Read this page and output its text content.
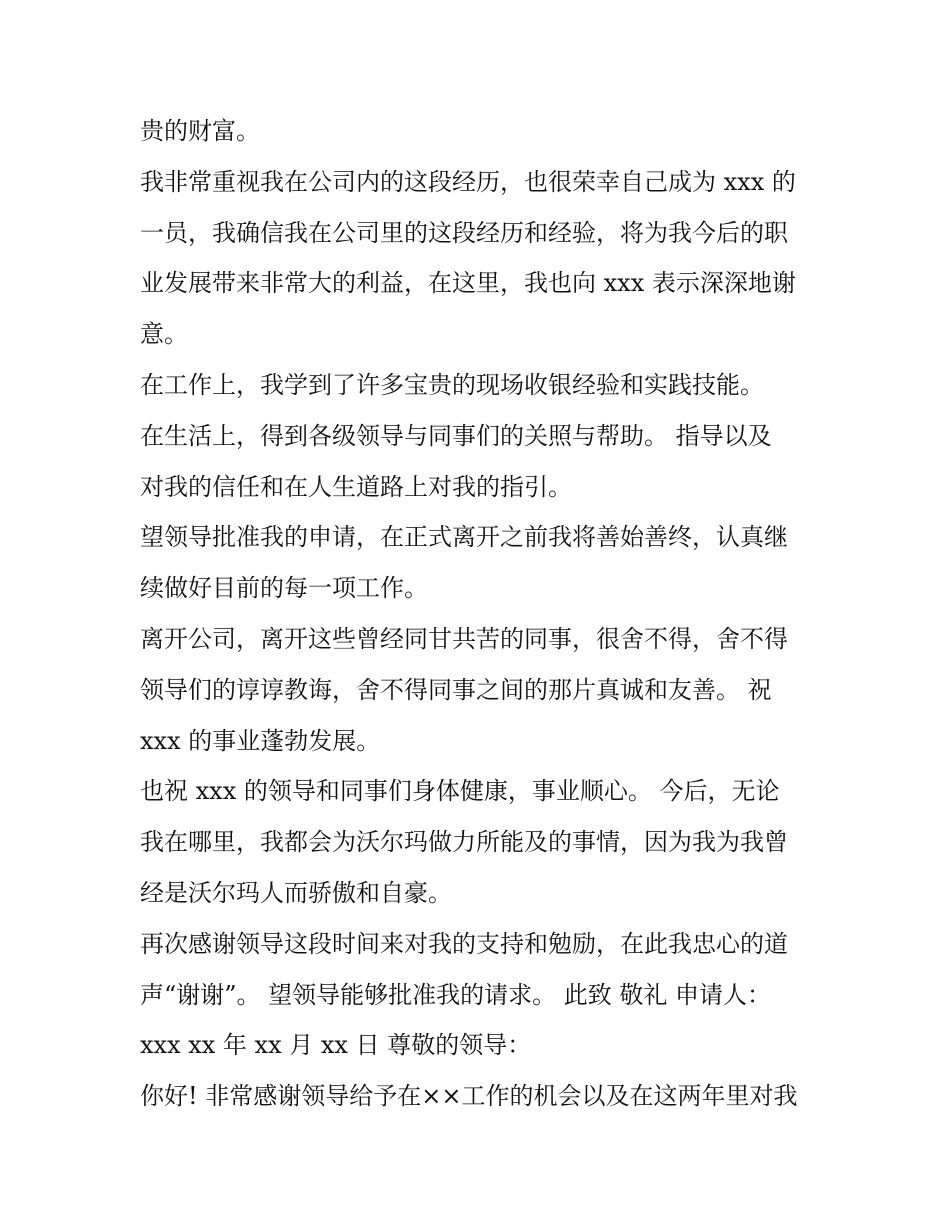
贵的财富。
我非常重视我在公司内的这段经历，也很荣幸自己成为 xxx 的
一员，我确信我在公司里的这段经历和经验，将为我今后的职
业发展带来非常大的利益，在这里，我也向 xxx 表示深深地谢
意。
在工作上，我学到了许多宝贵的现场收银经验和实践技能。
在生活上，得到各级领导与同事们的关照与帮助。 指导以及
对我的信任和在人生道路上对我的指引。
望领导批准我的申请，在正式离开之前我将善始善终，认真继
续做好目前的每一项工作。
离开公司，离开这些曾经同甘共苦的同事，很舍不得，舍不得
领导们的谆谆教诲，舍不得同事之间的那片真诚和友善。 祝
xxx 的事业蓬勃发展。
也祝 xxx 的领导和同事们身体健康，事业顺心。 今后，无论
我在哪里，我都会为沃尔玛做力所能及的事情，因为我为我曾
经是沃尔玛人而骄傲和自豪。
再次感谢领导这段时间来对我的支持和勉励，在此我忠心的道
声“谢谢”。 望领导能够批准我的请求。 此致 敬礼 申请人：
xxx xx 年 xx 月 xx 日 尊敬的领导：
你好! 非常感谢领导给予在××工作的机会以及在这两年里对我
